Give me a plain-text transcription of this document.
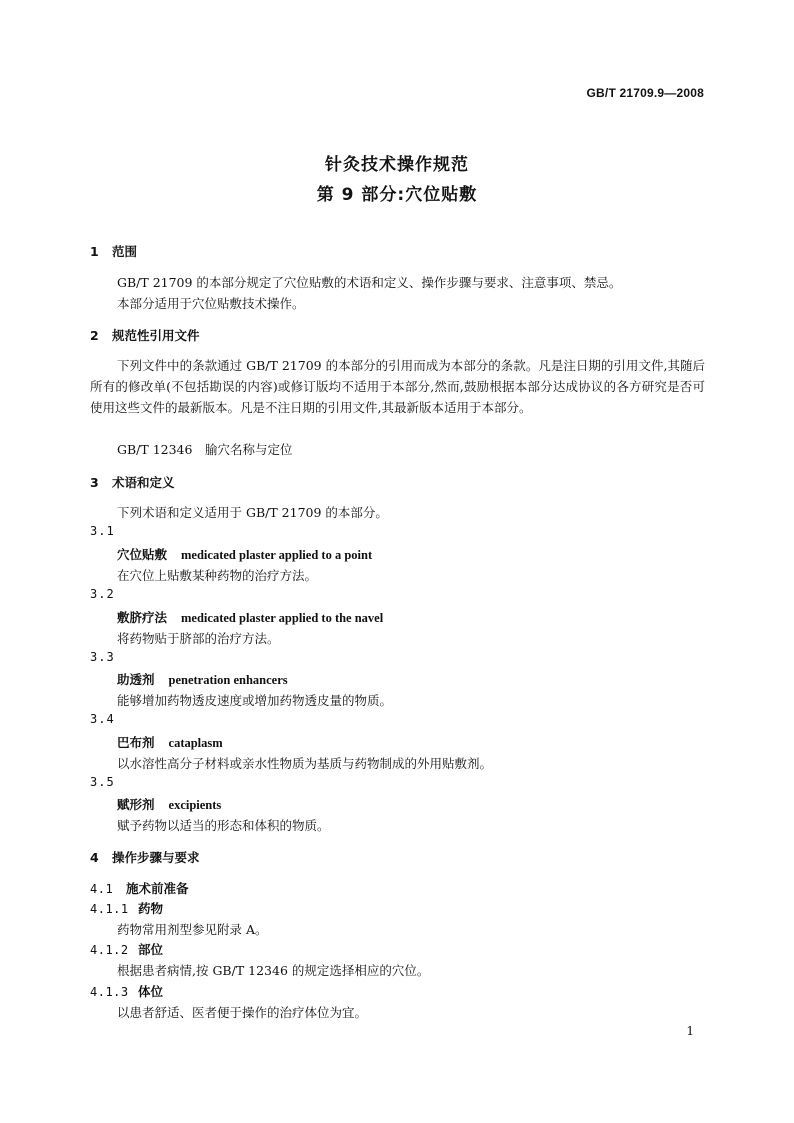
GB/T 21709.9—2008
针灸技术操作规范
第 9 部分:穴位贴敷
1 范围
GB/T 21709 的本部分规定了穴位贴敷的术语和定义、操作步骤与要求、注意事项、禁忌。
本部分适用于穴位贴敷技术操作。
2 规范性引用文件

下列文件中的条款通过 GB/T 21709 的本部分的引用而成为本部分的条款。凡是注日期的引用文件,其随后所有的修改单(不包括勘误的内容)或修订版均不适用于本部分,然而,鼓励根据本部分达成协议的各方研究是否可使用这些文件的最新版本。凡是不注日期的引用文件,其最新版本适用于本部分。

GB/T 12346　腧穴名称与定位
3 术语和定义
下列术语和定义适用于 GB/T 21709 的本部分。
3.1
穴位贴敷 medicated plaster applied to a point
在穴位上贴敷某种药物的治疗方法。
3.2
敷脐疗法 medicated plaster applied to the navel
将药物贴于脐部的治疗方法。
3.3
助透剂 penetration enhancers
能够增加药物透皮速度或增加药物透皮量的物质。
3.4
巴布剂 cataplasm
以水溶性高分子材料或亲水性物质为基质与药物制成的外用贴敷剂。
3.5
赋形剂 excipients
赋予药物以适当的形态和体积的物质。
4 操作步骤与要求
4.1 施术前准备
4.1.1 药物
药物常用剂型参见附录 A。
4.1.2 部位
根据患者病情,按 GB/T 12346 的规定选择相应的穴位。
4.1.3 体位
以患者舒适、医者便于操作的治疗体位为宜。
1
